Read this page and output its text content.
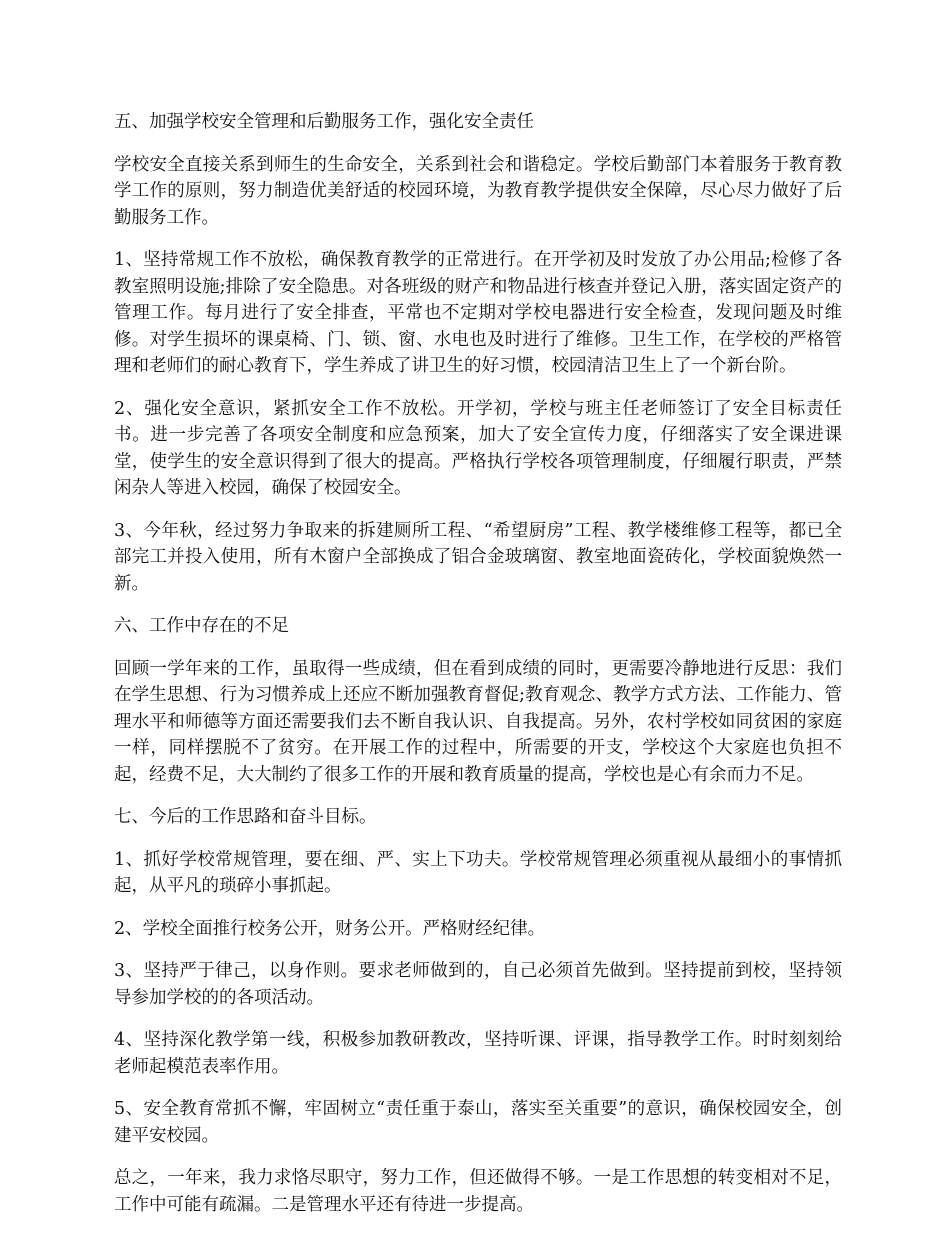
五、加强学校安全管理和后勤服务工作，强化安全责任

学校安全直接关系到师生的生命安全，关系到社会和谐稳定。学校后勤部门本着服务于教育教学工作的原则，努力制造优美舒适的校园环境，为教育教学提供安全保障，尽心尽力做好了后勤服务工作。

1、坚持常规工作不放松，确保教育教学的正常进行。在开学初及时发放了办公用品;检修了各教室照明设施;排除了安全隐患。对各班级的财产和物品进行核查并登记入册，落实固定资产的管理工作。每月进行了安全排查，平常也不定期对学校电器进行安全检查，发现问题及时维修。对学生损坏的课桌椅、门、锁、窗、水电也及时进行了维修。卫生工作，在学校的严格管理和老师们的耐心教育下，学生养成了讲卫生的好习惯，校园清洁卫生上了一个新台阶。

2、强化安全意识，紧抓安全工作不放松。开学初，学校与班主任老师签订了安全目标责任书。进一步完善了各项安全制度和应急预案，加大了安全宣传力度，仔细落实了安全课进课堂，使学生的安全意识得到了很大的提高。严格执行学校各项管理制度，仔细履行职责，严禁闲杂人等进入校园，确保了校园安全。

3、今年秋，经过努力争取来的拆建厕所工程、“希望厨房”工程、教学楼维修工程等，都已全部完工并投入使用，所有木窗户全部换成了铝合金玻璃窗、教室地面瓷砖化，学校面貌焕然一新。

六、工作中存在的不足

回顾一学年来的工作，虽取得一些成绩，但在看到成绩的同时，更需要冷静地进行反思：我们在学生思想、行为习惯养成上还应不断加强教育督促;教育观念、教学方式方法、工作能力、管理水平和师德等方面还需要我们去不断自我认识、自我提高。另外，农村学校如同贫困的家庭一样，同样摆脱不了贫穷。在开展工作的过程中，所需要的开支，学校这个大家庭也负担不起，经费不足，大大制约了很多工作的开展和教育质量的提高，学校也是心有余而力不足。

七、今后的工作思路和奋斗目标。

1、抓好学校常规管理，要在细、严、实上下功夫。学校常规管理必须重视从最细小的事情抓起，从平凡的琐碎小事抓起。

2、学校全面推行校务公开，财务公开。严格财经纪律。

3、坚持严于律己，以身作则。要求老师做到的，自己必须首先做到。坚持提前到校，坚持领导参加学校的的各项活动。

4、坚持深化教学第一线，积极参加教研教改，坚持听课、评课，指导教学工作。时时刻刻给老师起模范表率作用。

5、安全教育常抓不懈，牢固树立“责任重于泰山，落实至关重要”的意识，确保校园安全，创建平安校园。

总之，一年来，我力求恪尽职守，努力工作，但还做得不够。一是工作思想的转变相对不足，工作中可能有疏漏。二是管理水平还有待进一步提高。
